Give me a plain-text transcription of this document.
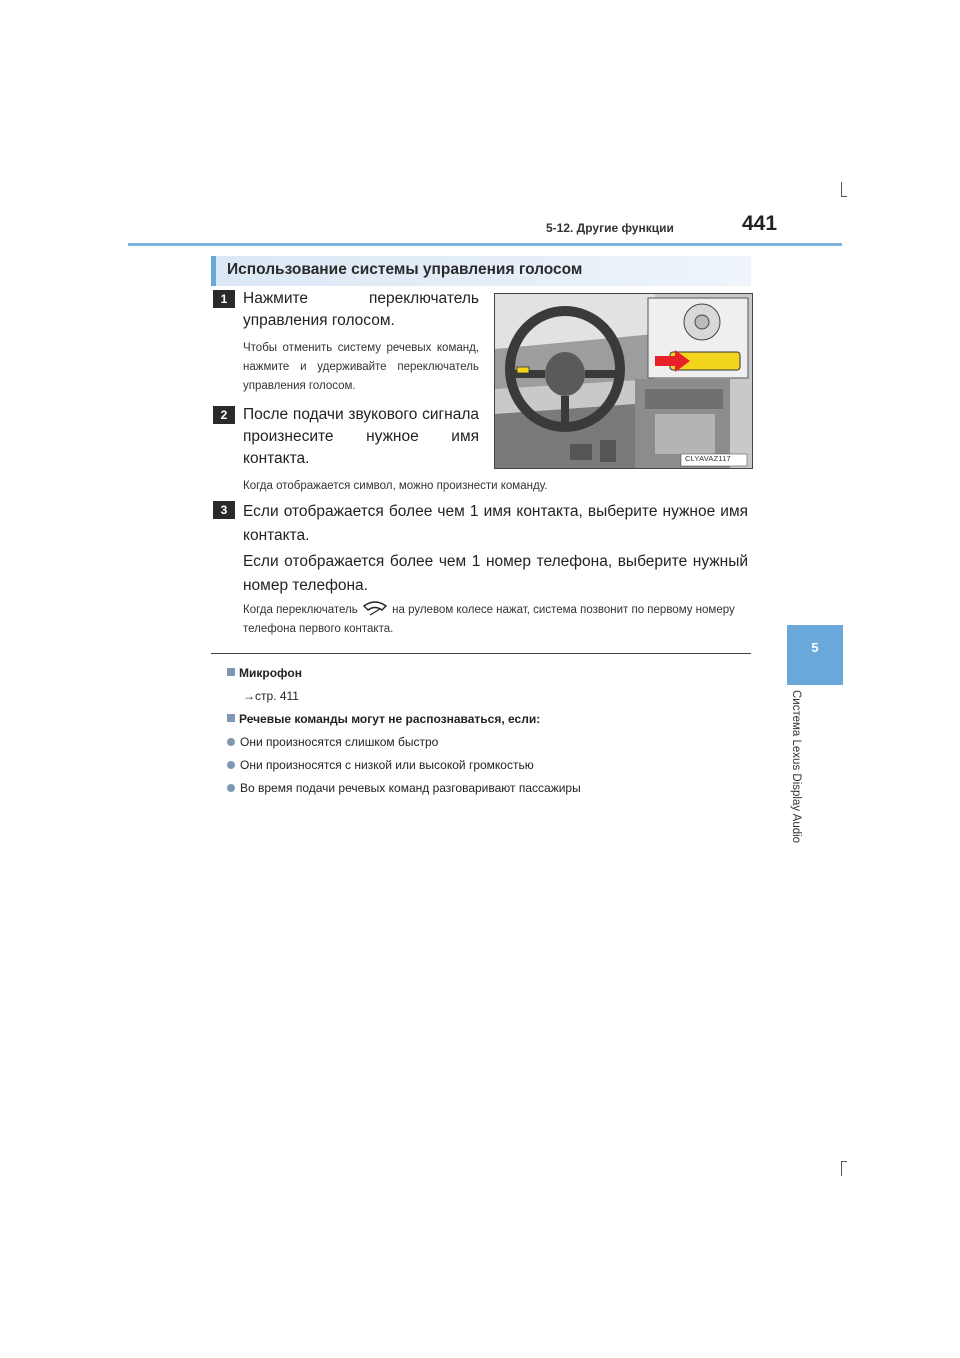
5-12. Другие функции	441
5
Система Lexus Display Audio
Использование системы управления голосом
1	Нажмите переключатель управления голосом.
Чтобы отменить систему речевых команд, нажмите и удерживайте переключатель управления голосом.
2	После подачи звукового сигнала произнесите нужное имя контакта.
Когда отображается символ, можно произнести команду.
CLYAVAZ117
3	Если отображается более чем 1 имя контакта, выберите нужное имя контакта.
Если отображается более чем 1 номер телефона, выберите нужный номер телефона.
Когда переключатель	на рулевом колесе нажат, система позвонит по первому номеру телефона первого контакта.
Микрофон
→стр. 411
Речевые команды могут не распознаваться, если:
Они произносятся слишком быстро
Они произносятся с низкой или высокой громкостью
Во время подачи речевых команд разговаривают пассажиры
